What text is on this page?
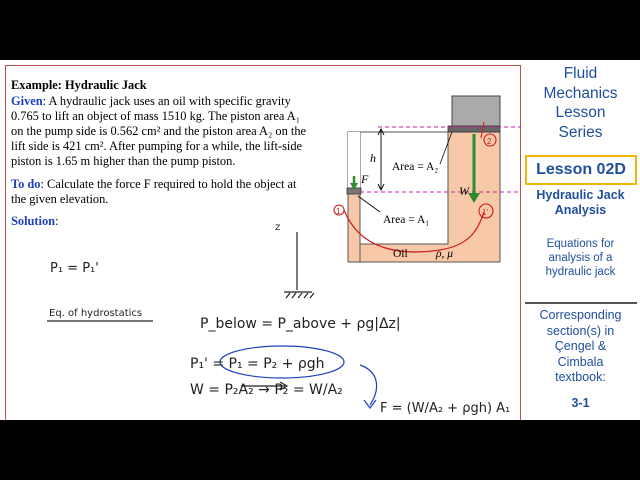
Example: Hydraulic Jack
Given: A hydraulic jack uses an oil with specific gravity
0.765 to lift an object of mass 1510 kg. The piston area A₁
on the pump side is 0.562 cm² and the piston area A₂ on the
lift side is 421 cm². After pumping for a while, the lift-side
piston is 1.65 m higher than the pump piston.
To do: Calculate the force F required to hold the object at
the given elevation.
Solution:
Area = A₂
Area = A₁
W
F
Oil ρ, μ
h
1
2
1'
z
P₁ = P₁'
Eq. of hydrostatics
P_below = P_above + ρg|Δz|
P₁' = P₁ = P₂ + ρgh
W = P₂A₂ → P₂ = W/A₂
F = (W/A₂ + ρgh) A₁
Fluid
Mechanics
Lesson
Series
Lesson 02D
Hydraulic Jack
Analysis
Equations for
analysis of a
hydraulic jack
Corresponding
section(s) in
Çengel &
Cimbala
textbook:
3-1
